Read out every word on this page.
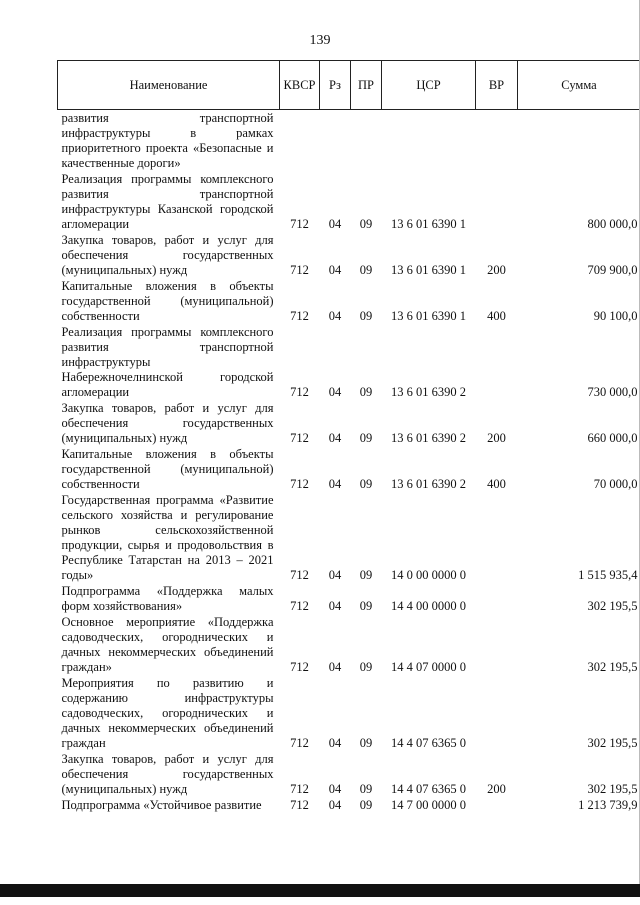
139
Наименование	КВСР	Рз	ПР	ЦСР	ВР	Сумма
развития транспортной инфраструктуры в рамках приоритетного проекта «Безопасные и качественные дороги»						
Реализация программы комплексного развития транспортной инфраструктуры Казанской городской агломерации	712	04	09	13 6 01 6390 1		800 000,0
Закупка товаров, работ и услуг для обеспечения государственных (муниципальных) нужд	712	04	09	13 6 01 6390 1	200	709 900,0
Капитальные вложения в объекты государственной (муниципальной) собственности	712	04	09	13 6 01 6390 1	400	90 100,0
Реализация программы комплексного развития транспортной инфраструктуры Набережночелнинской городской агломерации	712	04	09	13 6 01 6390 2		730 000,0
Закупка товаров, работ и услуг для обеспечения государственных (муниципальных) нужд	712	04	09	13 6 01 6390 2	200	660 000,0
Капитальные вложения в объекты государственной (муниципальной) собственности	712	04	09	13 6 01 6390 2	400	70 000,0
Государственная программа «Развитие сельского хозяйства и регулирование рынков сельскохозяйственной продукции, сырья и продовольствия в Республике Татарстан на 2013 – 2021 годы»	712	04	09	14 0 00 0000 0		1 515 935,4
Подпрограмма «Поддержка малых форм хозяйствования»	712	04	09	14 4 00 0000 0		302 195,5
Основное мероприятие «Поддержка садоводческих, огороднических и дачных некоммерческих объединений граждан»	712	04	09	14 4 07 0000 0		302 195,5
Мероприятия по развитию и содержанию инфраструктуры садоводческих, огороднических и дачных некоммерческих объединений граждан	712	04	09	14 4 07 6365 0		302 195,5
Закупка товаров, работ и услуг для обеспечения государственных (муниципальных) нужд	712	04	09	14 4 07 6365 0	200	302 195,5
Подпрограмма «Устойчивое развитие	712	04	09	14 7 00 0000 0		1 213 739,9
